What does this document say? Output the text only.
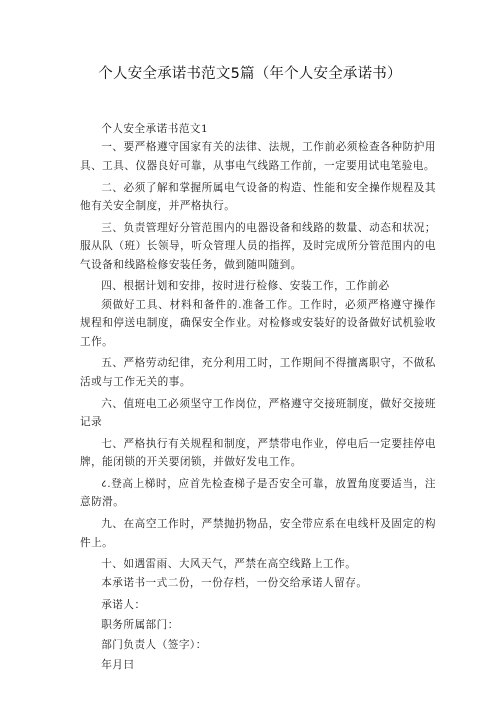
个人安全承诺书范文5篇（年个人安全承诺书）

个人安全承诺书范文1

一、要严格遵守国家有关的法律、法规，工作前必须检查各种防护用具、工具、仪器良好可靠，从事电气线路工作前，一定要用试电笔验电。

二、必须了解和掌握所属电气设备的构造、性能和安全操作规程及其他有关安全制度，并严格执行。

三、负责管理好分管范围内的电器设备和线路的数量、动态和状况；服从队（班）长领导，听众管理人员的指挥，及时完成所分管范围内的电气设备和线路检修安装任务，做到随叫随到。

四、根据计划和安排，按时进行检修、安装工作，工作前必

须做好工具、材料和备件的.准备工作。工作时，必须严格遵守操作规程和停送电制度，确保安全作业。对检修或安装好的设备做好试机验收工作。

五、严格劳动纪律，充分利用工时，工作期间不得擅离职守，不做私活或与工作无关的事。

六、值班电工必须坚守工作岗位，严格遵守交接班制度，做好交接班记录

七、严格执行有关规程和制度，严禁带电作业，停电后一定要挂停电牌，能闭锁的开关要闭锁，并做好发电工作。

८.登高上梯时，应首先检查梯子是否安全可靠，放置角度要适当，注意防滑。

九、在高空工作时，严禁抛扔物品，安全带应系在电线杆及固定的构件上。

十、如遇雷雨、大风天气，严禁在高空线路上工作。

本承诺书一式二份，一份存档，一份交给承诺人留存。

承诺人：

职务所属部门：

部门负责人（签字）：

年月曰
